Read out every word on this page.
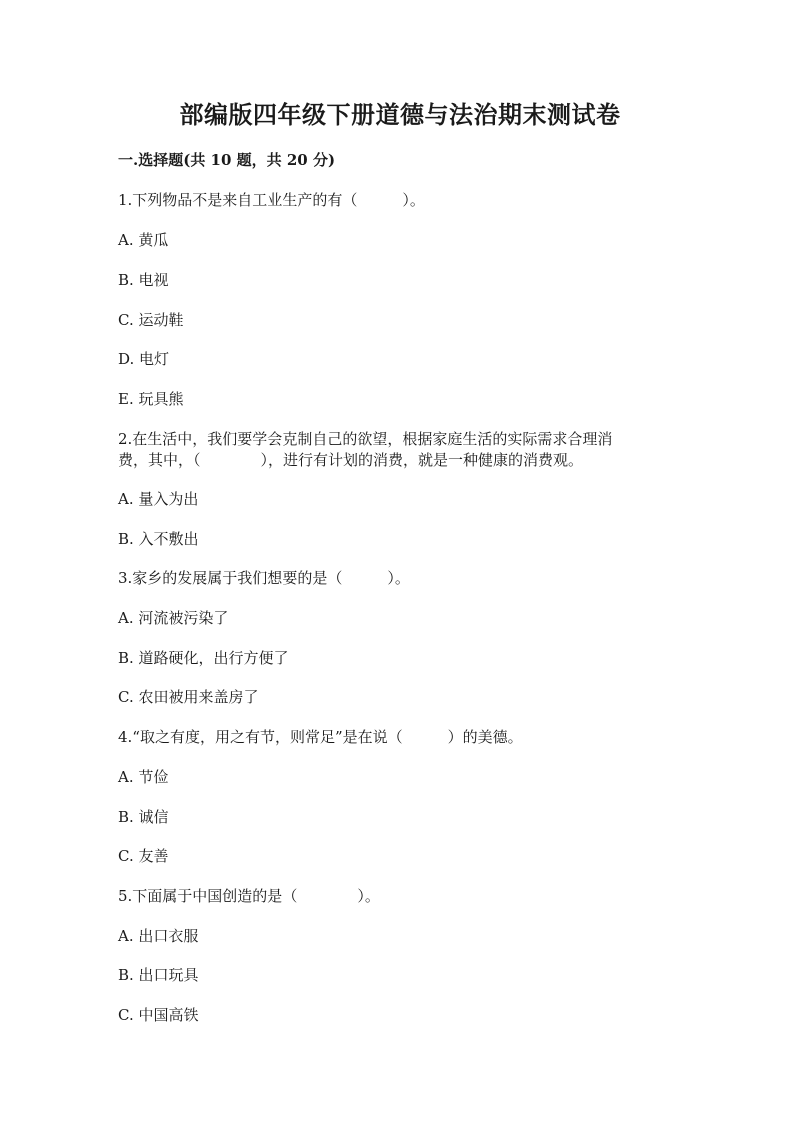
部编版四年级下册道德与法治期末测试卷
一.选择题(共 10 题，共 20 分)
1.下列物品不是来自工业生产的有（　　　）。
A. 黄瓜
B. 电视
C. 运动鞋
D. 电灯
E. 玩具熊
2.在生活中，我们要学会克制自己的欲望，根据家庭生活的实际需求合理消
费，其中，（　　　　），进行有计划的消费，就是一种健康的消费观。
A. 量入为出
B. 入不敷出
3.家乡的发展属于我们想要的是（　　　）。
A. 河流被污染了
B. 道路硬化，出行方便了
C. 农田被用来盖房了
4.“取之有度，用之有节，则常足”是在说（　　　）的美德。
A. 节俭
B. 诚信
C. 友善
5.下面属于中国创造的是（　　　　）。
A. 出口衣服
B. 出口玩具
C. 中国高铁
